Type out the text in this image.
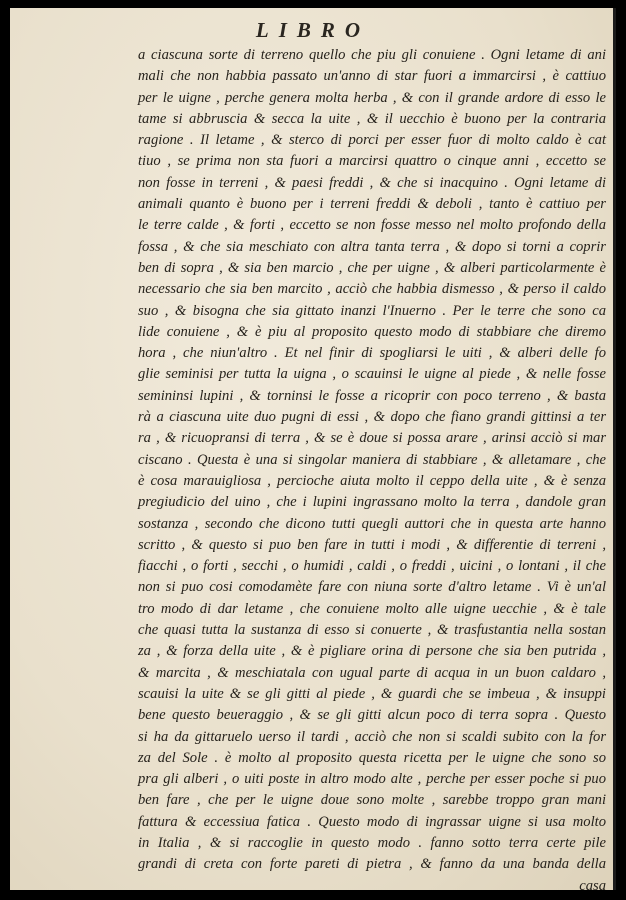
LIBRO
a ciascuna sorte di terreno quello che piu gli conuiene . Ogni letame di ani
mali che non habbia passato un'anno di star fuori a immarcirsi , è cattiuo
per le uigne , perche genera molta herba , & con il grande ardore di esso le
tame si abbruscia & secca la uite , & il uecchio è buono per la contraria
ragione . Il letame , & sterco di porci per esser fuor di molto caldo è cat
tiuo , se prima non sta fuori a marcirsi quattro o cinque anni , eccetto se
non fosse in terreni , & paesi freddi , & che si inacquino . Ogni letame di
animali quanto è buono per i terreni freddi & deboli , tanto è cattiuo per
le terre calde , & forti , eccetto se non fosse messo nel molto profondo della
fossa , & che sia meschiato con altra tanta terra , & dopo si torni a coprir
ben di sopra , & sia ben marcio , che per uigne , & alberi particolarmente è
necessario che sia ben marcito , acciò che habbia dismesso , & perso il caldo
suo , & bisogna che sia gittato inanzi l'Inuerno . Per le terre che sono ca
lide conuiene , & è piu al proposito questo modo di stabbiare che diremo
hora , che niun'altro . Et nel finir di spogliarsi le uiti , & alberi delle fo
glie seminisi per tutta la uigna , o scauinsi le uigne al piede , & nelle fosse
semininsi lupini , & torninsi le fosse a ricoprir con poco terreno , & basta
rà a ciascuna uite duo pugni di essi , & dopo che fiano grandi gittinsi a ter
ra , & ricuopransi di terra , & se è doue si possa arare , arinsi acciò si mar
ciscano . Questa è una si singolar maniera di stabbiare , & alletamare , che
è cosa marauigliosa , percioche aiuta molto il ceppo della uite , & è senza
pregiudicio del uino , che i lupini ingrassano molto la terra , dandole gran
sostanza , secondo che dicono tutti quegli auttori che in questa arte hanno
scritto , & questo si puo ben fare in tutti i modi , & differentie di terreni ,
fiacchi , o forti , secchi , o humidi , caldi , o freddi , uicini , o lontani , il che
non si puo cosi comodamète fare con niuna sorte d'altro letame . Vi è un'al
tro modo di dar letame , che conuiene molto alle uigne uecchie , & è tale
che quasi tutta la sustanza di esso si conuerte , & trasfustantia nella sostan
za , & forza della uite , & è pigliare orina di persone che sia ben putrida ,
& marcita , & meschiatala con ugual parte di acqua in un buon caldaro ,
scauisi la uite & se gli gitti al piede , & guardi che se imbeua , & insuppi
bene questo beueraggio , & se gli gitti alcun poco di terra sopra . Questo
si ha da gittaruelo uerso il tardi , acciò che non si scaldi subito con la for
za del Sole . è molto al proposito questa ricetta per le uigne che sono so
pra gli alberi , o uiti poste in altro modo alte , perche per esser poche si puo
ben fare , che per le uigne doue sono molte , sarebbe troppo gran mani
fattura & eccessiua fatica . Questo modo di ingrassar uigne si usa molto
in Italia , & si raccoglie in questo modo . fanno sotto terra certe pile
grandi di creta con forte pareti di pietra , & fanno da una banda della
casa
